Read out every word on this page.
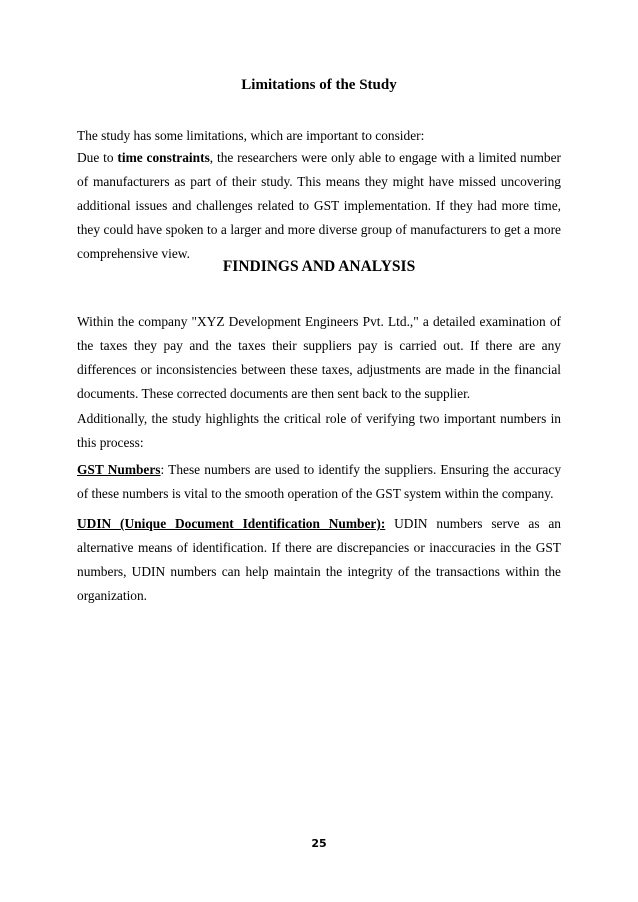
Limitations of the Study

The study has some limitations, which are important to consider:

Due to time constraints, the researchers were only able to engage with a limited number of manufacturers as part of their study. This means they might have missed uncovering additional issues and challenges related to GST implementation. If they had more time, they could have spoken to a larger and more diverse group of manufacturers to get a more comprehensive view.

FINDINGS AND ANALYSIS

Within the company "XYZ Development Engineers Pvt. Ltd.," a detailed examination of the taxes they pay and the taxes their suppliers pay is carried out. If there are any differences or inconsistencies between these taxes, adjustments are made in the financial documents. These corrected documents are then sent back to the supplier.

Additionally, the study highlights the critical role of verifying two important numbers in this process:

GST Numbers: These numbers are used to identify the suppliers. Ensuring the accuracy of these numbers is vital to the smooth operation of the GST system within the company.

UDIN (Unique Document Identification Number): UDIN numbers serve as an alternative means of identification. If there are discrepancies or inaccuracies in the GST numbers, UDIN numbers can help maintain the integrity of the transactions within the organization.

25
